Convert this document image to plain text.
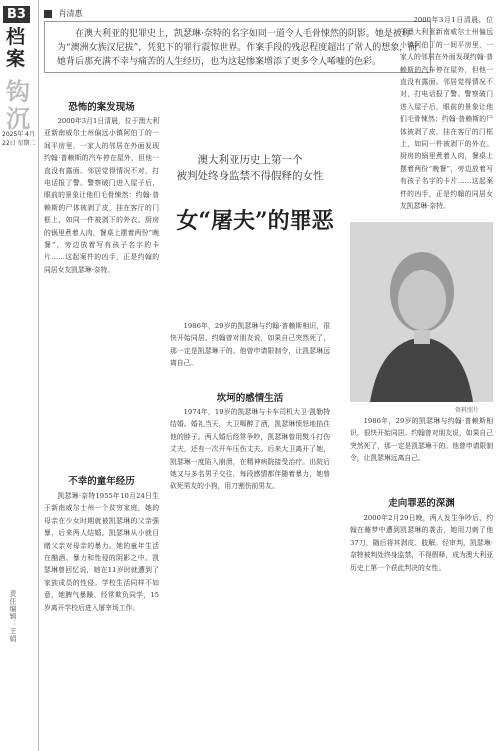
B3
档案
钩沉
2025年 4月22日 星期二
责任编辑：王娟
肖清惠
在澳大利亚的犯罪史上，凯瑟琳·奈特的名字如同一道令人毛骨悚然的阴影。她是被称为“澳洲女族汉尼拔”，凭犯下的罪行震惊世界。作案手段的残忍程度超出了常人的想象，而她背后那充满不幸与痛苦的人生经历，也为这起惨案增添了更多令人唏嘘的色彩。
恐怖的案发现场
2000年3月1日清晨，位于澳大利亚新南威尔士州偏远小镇阿伯丁的一间平房里，一家人的邻居在外面发现约翰·普赖斯的汽车停在屋外，但他一直没有露面。邻居觉得情况不对，打电话报了警。警察破门进入屋子后，眼前的景象让他们毛骨悚然：约翰·普赖斯的尸体被剥了皮，挂在客厅的门框上，如同一件被剥下的外衣。厨房的锅里煮着人肉，餐桌上摆着两份“晚餐”，旁边放着写有孩子名字的卡片……这起案件的凶手，正是约翰的同居女友凯瑟琳·奈特。
不幸的童年经历
凯瑟琳·奈特1955年10月24日生于新南威尔士州一个贫穷家庭，她的母亲在少女时期就被凯瑟琳的父亲强暴，后来两人结婚。凯瑟琳从小就目睹父亲对母亲的暴力。她的童年生活在酗酒、暴力和性侵的阴影之中。凯瑟琳曾回忆说，她在11岁时就遭到了家族成员的性侵。学校生活同样不如意，她脾气暴躁、经常欺负同学，15岁离开学校后进入屠宰场工作。
澳大利亚历史上第一个
被判处终身监禁不得假释的女性
女“屠夫”的罪恶
1986年，29岁的凯瑟琳与约翰·普赖斯相识，很快开始同居。约翰曾对朋友说，如果自己突然死了，那一定是凯瑟琳干的。他曾申请限制令，让凯瑟琳远离自己。
坎坷的感情生活
1974年，19岁的凯瑟琳与卡车司机大卫·凯勒特结婚。婚礼当天，大卫喝醉了酒，凯瑟琳愤怒地掐住他的脖子。两人婚后经常争吵，凯瑟琳曾用熨斗打伤丈夫，还有一次开车压伤丈夫。后来大卫离开了她，凯瑟琳一度陷入崩溃，在精神病院接受治疗。出院后她又与多名男子交往，每段感情都伴随着暴力，她曾砍死男友的小狗，用刀割伤前男友。
2000年3月1日清晨，位于澳大利亚新南威尔士州偏远小镇阿伯丁的一间平房里，一家人的邻居在外面发现约翰·普赖斯的汽车停在屋外，但他一直没有露面。邻居觉得情况不对，打电话报了警。警察破门进入屋子后，眼前的景象让他们毛骨悚然：约翰·普赖斯的尸体被剥了皮，挂在客厅的门框上，如同一件被剥下的外衣。厨房的锅里煮着人肉，餐桌上摆着两份“晚餐”，旁边放着写有孩子名字的卡片……这起案件的凶手，正是约翰的同居女友凯瑟琳·奈特。
资料照片
1986年，29岁的凯瑟琳与约翰·普赖斯相识，很快开始同居。约翰曾对朋友说，如果自己突然死了，那一定是凯瑟琳干的。他曾申请限制令，让凯瑟琳远离自己。
走向罪恶的深渊
2000年2月29日晚，两人发生争吵后，约翰在睡梦中遭到凯瑟琳的袭击，她用刀刺了他37刀，随后将其剥皮、肢解。经审判，凯瑟琳·奈特被判处终身监禁，不得假释，成为澳大利亚历史上第一个获此判决的女性。
